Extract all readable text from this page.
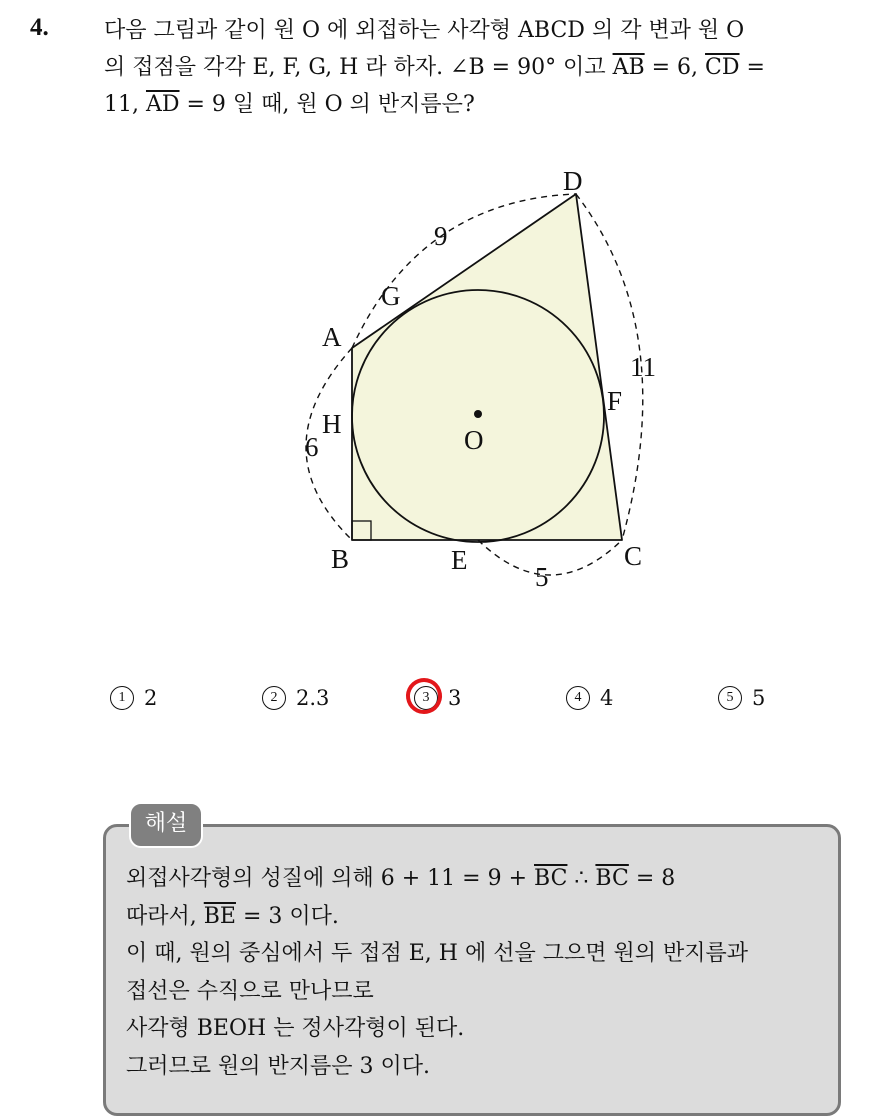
4.	다음 그림과 같이 원 O 에 외접하는 사각형 ABCD 의 각 변과 원 O
의 접점을 각각 E, F, G, H 라 하자. ∠B = 90° 이고 $\overline{AB} = 6$, $\overline{CD}$ =
11, $\overline{AD} = 9$ 일 때, 원 O 의 반지름은?
A
B	C
D
E
F
G
H
O
9
11
6
5
1 2	2 2.3	3 3	4 4	5 5
해설
외접사각형의 성질에 의해 $6 + 11 = 9 + \overline{BC}$ ∴ $\overline{BC} = 8$
따라서, $\overline{BE} = 3$ 이다.
이 때, 원의 중심에서 두 접점 E, H 에 선을 그으면 원의 반지름과
접선은 수직으로 만나므로
사각형 BEOH 는 정사각형이 된다.
그러므로 원의 반지름은 3 이다.
